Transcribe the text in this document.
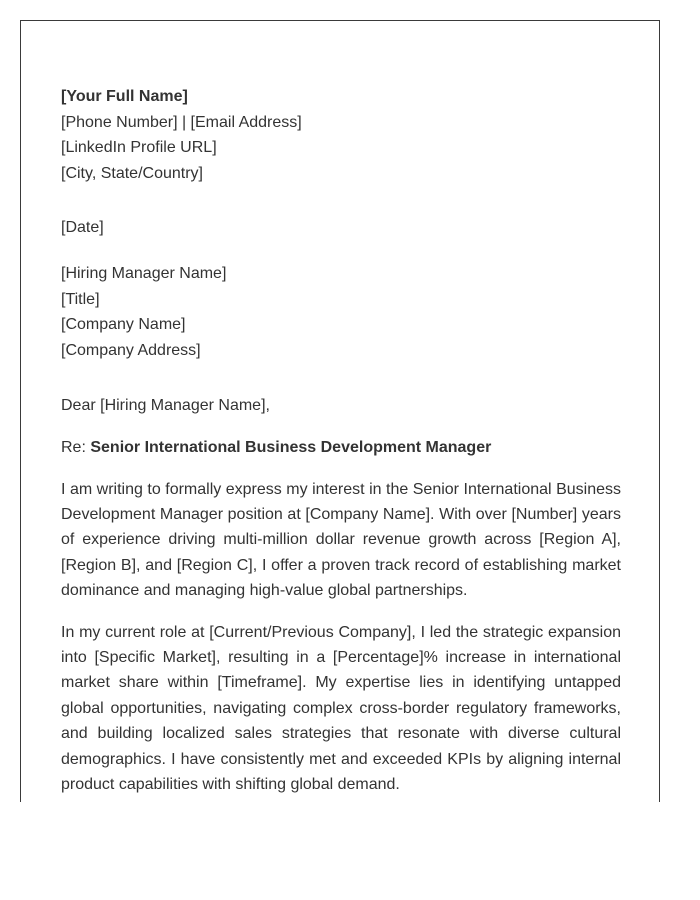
[Your Full Name]
[Phone Number] | [Email Address]
[LinkedIn Profile URL]
[City, State/Country]
[Date]
[Hiring Manager Name]
[Title]
[Company Name]
[Company Address]
Dear [Hiring Manager Name],
Re: Senior International Business Development Manager

I am writing to formally express my interest in the Senior International Business Development Manager position at [Company Name]. With over [Number] years of experience driving multi-million dollar revenue growth across [Region A], [Region B], and [Region C], I offer a proven track record of establishing market dominance and managing high-value global partnerships.

In my current role at [Current/Previous Company], I led the strategic expansion into [Specific Market], resulting in a [Percentage]% increase in international market share within [Timeframe]. My expertise lies in identifying untapped global opportunities, navigating complex cross-border regulatory frameworks, and building localized sales strategies that resonate with diverse cultural demographics. I have consistently met and exceeded KPIs by aligning internal product capabilities with shifting global demand.
